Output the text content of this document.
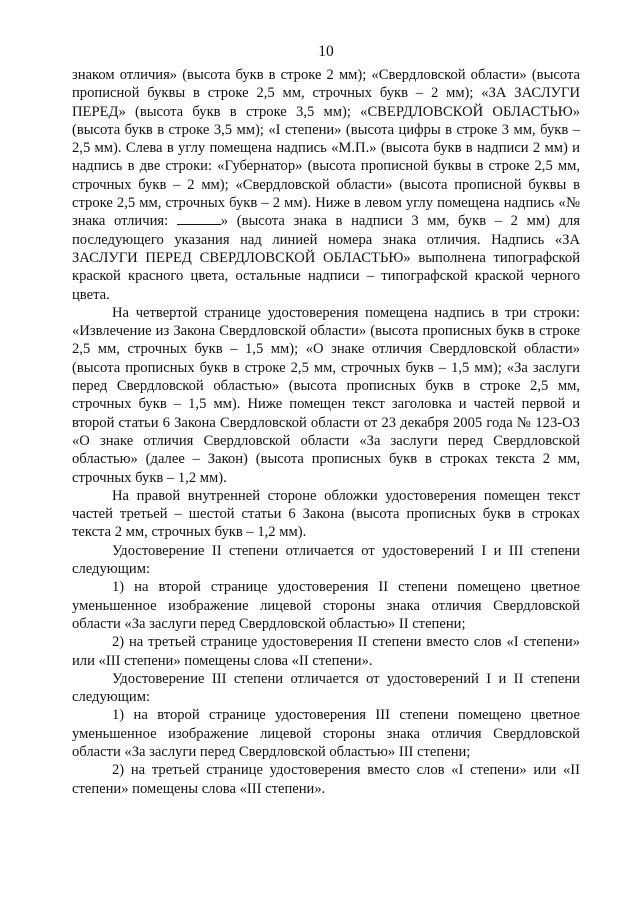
10

знаком отличия» (высота букв в строке 2 мм); «Свердловской области» (высота прописной буквы в строке 2,5 мм, строчных букв – 2 мм); «ЗА ЗАСЛУГИ ПЕРЕД» (высота букв в строке 3,5 мм); «СВЕРДЛОВСКОЙ ОБЛАСТЬЮ» (высота букв в строке 3,5 мм); «I степени» (высота цифры в строке 3 мм, букв – 2,5 мм). Слева в углу помещена надпись «М.П.» (высота букв в надписи 2 мм) и надпись в две строки: «Губернатор» (высота прописной буквы в строке 2,5 мм, строчных букв – 2 мм); «Свердловской области» (высота прописной буквы в строке 2,5 мм, строчных букв – 2 мм). Ниже в левом углу помещена надпись «№ знака отличия:	» (высота знака в надписи 3 мм, букв – 2 мм) для последующего указания над линией номера знака отличия. Надпись «ЗА ЗАСЛУГИ ПЕРЕД СВЕРДЛОВСКОЙ ОБЛАСТЬЮ» выполнена типографской краской красного цвета, остальные надписи – типографской краской черного цвета.

На четвертой странице удостоверения помещена надпись в три строки: «Извлечение из Закона Свердловской области» (высота прописных букв в строке 2,5 мм, строчных букв – 1,5 мм); «О знаке отличия Свердловской области» (высота прописных букв в строке 2,5 мм, строчных букв – 1,5 мм); «За заслуги перед Свердловской областью» (высота прописных букв в строке 2,5 мм, строчных букв – 1,5 мм). Ниже помещен текст заголовка и частей первой и второй статьи 6 Закона Свердловской области от 23 декабря 2005 года № 123-ОЗ «О знаке отличия Свердловской области «За заслуги перед Свердловской областью» (далее – Закон) (высота прописных букв в строках текста 2 мм, строчных букв – 1,2 мм).

На правой внутренней стороне обложки удостоверения помещен текст частей третьей – шестой статьи 6 Закона (высота прописных букв в строках текста 2 мм, строчных букв – 1,2 мм).

Удостоверение II степени отличается от удостоверений I и III степени следующим:

1) на второй странице удостоверения II степени помещено цветное уменьшенное изображение лицевой стороны знака отличия Свердловской области «За заслуги перед Свердловской областью» II степени;

2) на третьей странице удостоверения II степени вместо слов «I степени» или «III степени» помещены слова «II степени».

Удостоверение III степени отличается от удостоверений I и II степени следующим:

1) на второй странице удостоверения III степени помещено цветное уменьшенное изображение лицевой стороны знака отличия Свердловской области «За заслуги перед Свердловской областью» III степени;

2) на третьей странице удостоверения вместо слов «I степени» или «II степени» помещены слова «III степени».
